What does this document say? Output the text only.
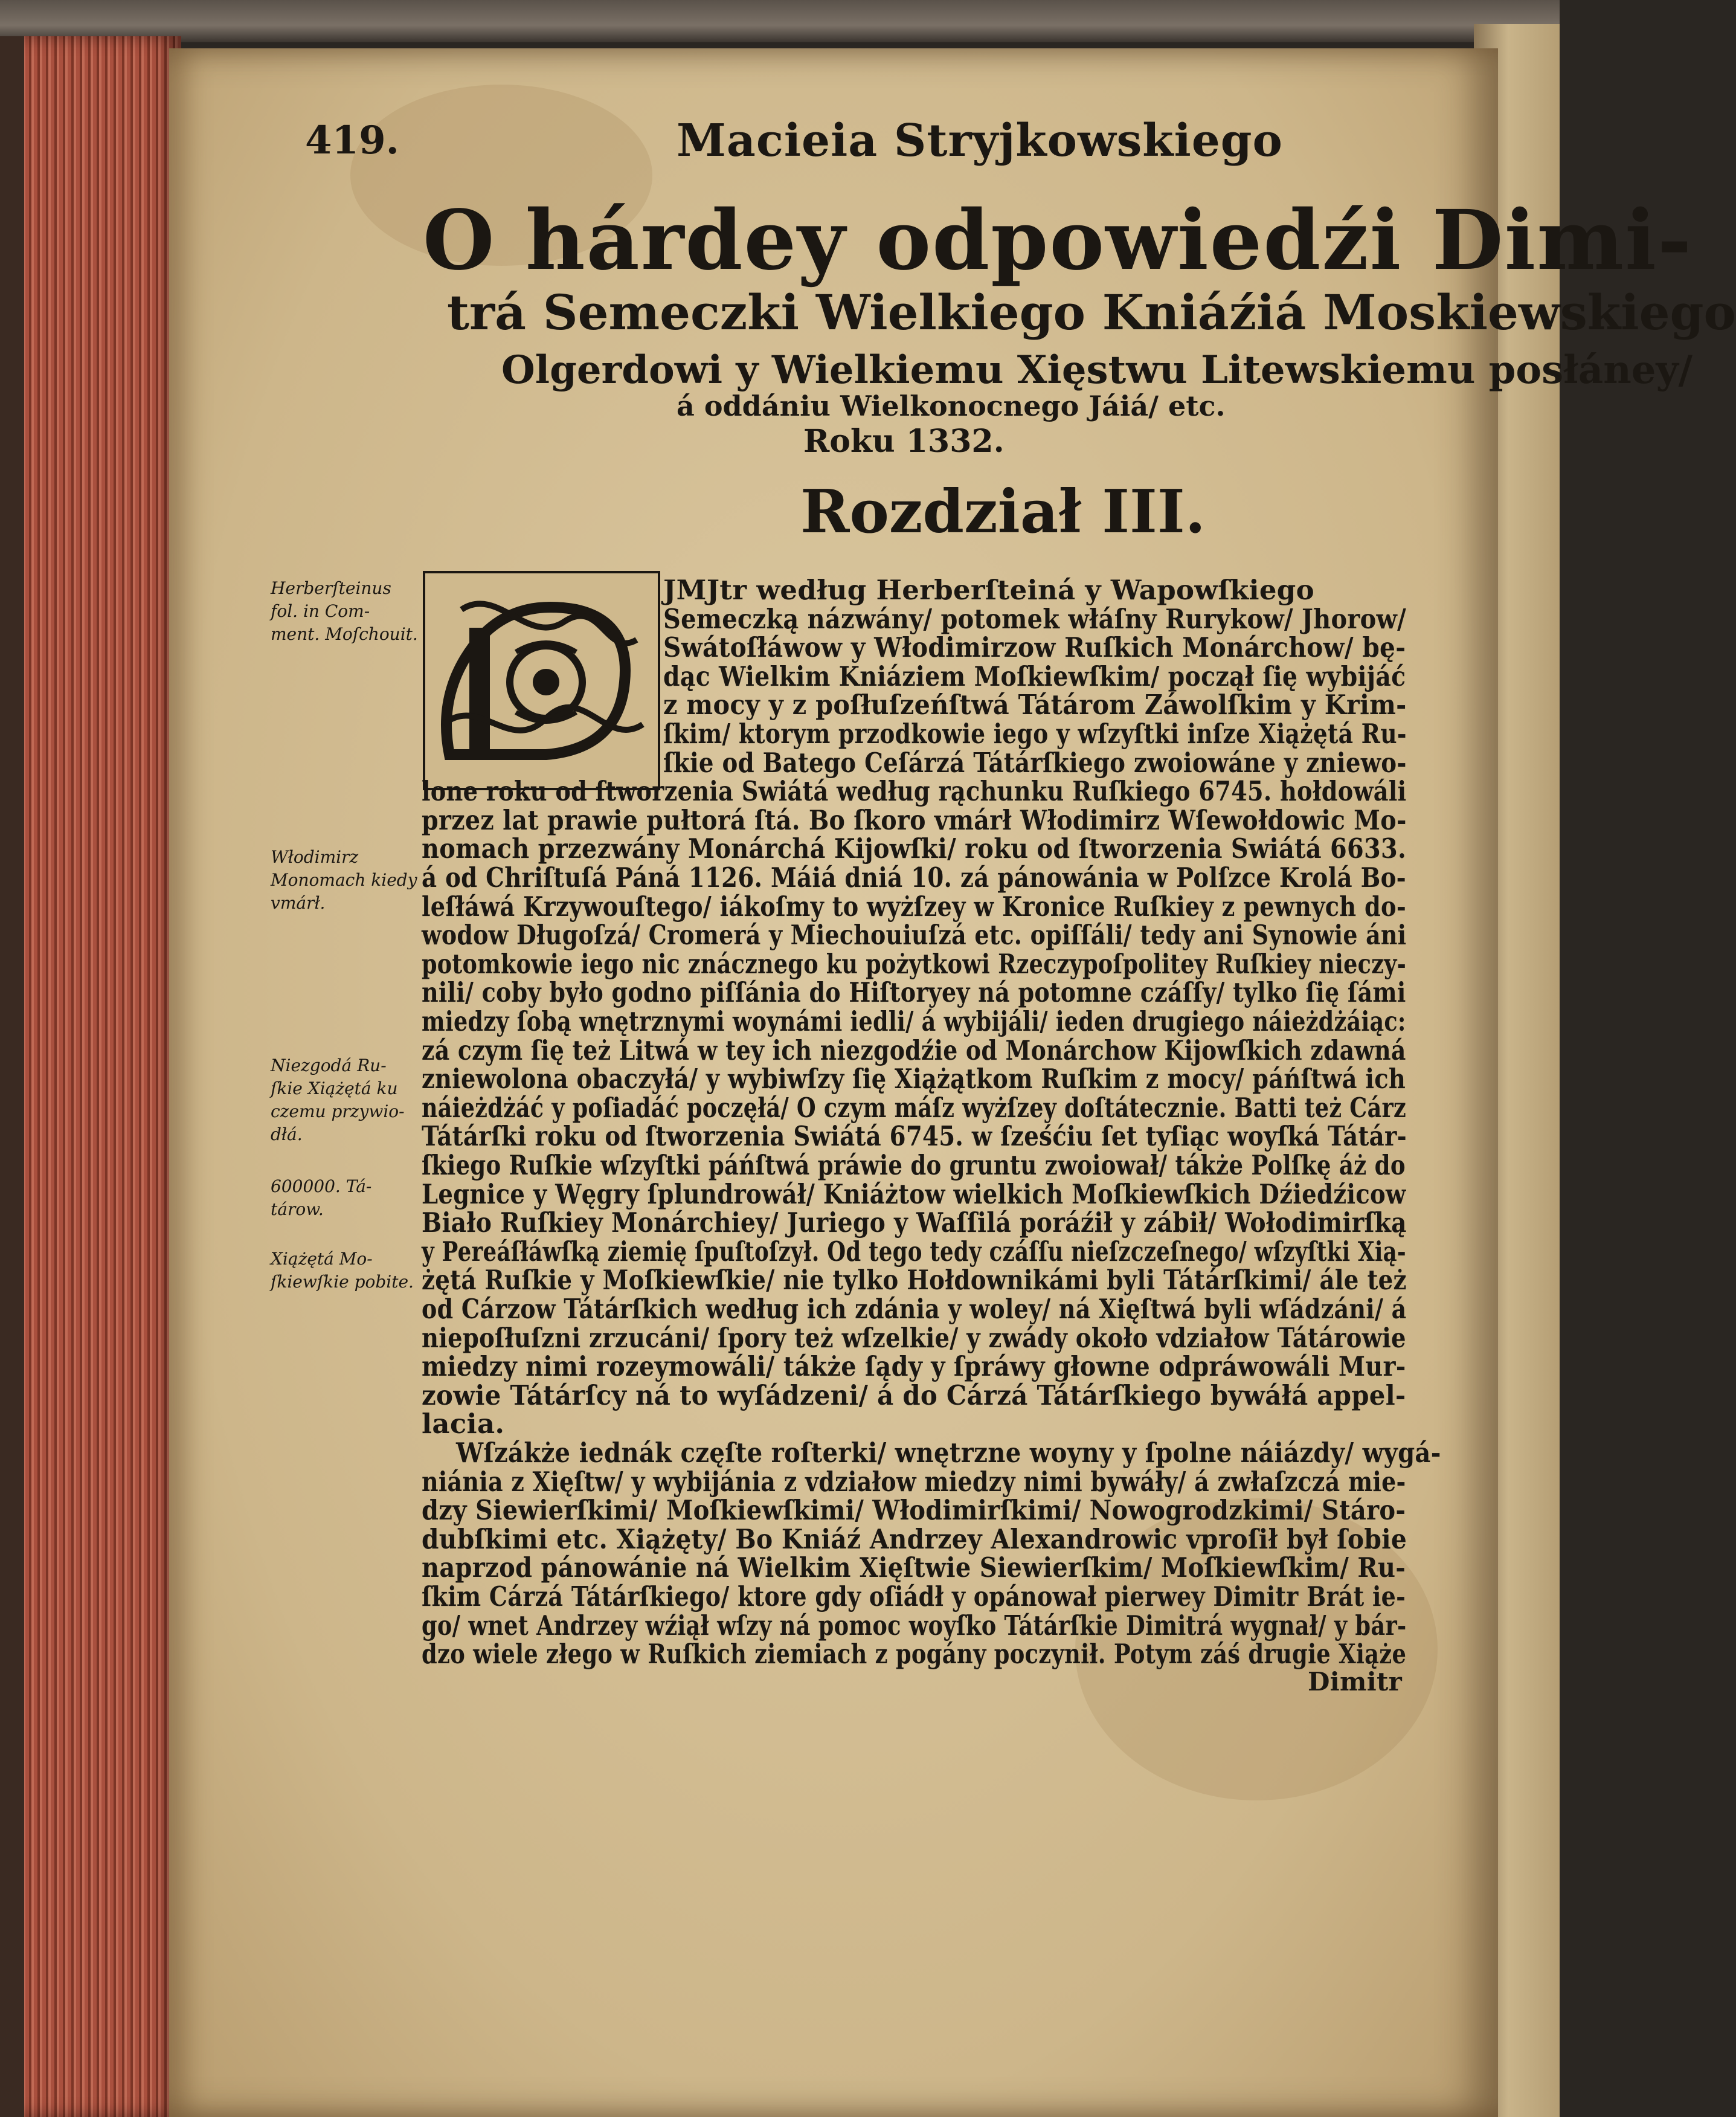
419.	Macieia Stryjkowskiego
O hárdey odpowiedźi Dimi-
trá Semeczki Wielkiego Kniáźiá Moskiewskiego
Olgerdowi y Wielkiemu Xięstwu Litewskiemu posłáney/
á oddániu Wielkonocnego Jáiá/ etc.
Roku 1332.
Rozdział III.
Herberſteinus fol. in Com- ment. Moſchouit.
Włodimirz Monomach kiedy vmárł.
Niezgodá Ru- ſkie Xiążętá ku czemu przywio- dłá.
600000. Tá- tárow.
Xiążętá Mo- ſkiewſkie pobite.
JMJtr według Herberſteiná y Wapowſkiego
Semeczką názwány/ potomek włáſny Rurykow/ Jhorow/
Swátoſłáwow y Włodimirzow Ruſkich Monárchow/ bę-
dąc Wielkim Kniáziem Moſkiewſkim/ począł ſię wybijáć
z mocy y z poſłuſzeńſtwá Tátárom Záwolſkim y Krim-
ſkim/ ktorym przodkowie iego y wſzyſtki inſze Xiążętá Ru-
ſkie od Batego Ceſárzá Tátárſkiego zwoiowáne y zniewo-
lone roku od ſtworzenia Swiátá według rąchunku Ruſkiego 6745. hołdowáli
przez lat prawie pułtorá ſtá. Bo ſkoro vmárł Włodimirz Wſewołdowic Mo-
nomach przezwány Monárchá Kijowſki/ roku od ſtworzenia Swiátá 6633.
á od Chriſtuſá Páná 1126. Máiá dniá 10. zá pánowánia w Polſzce Krolá Bo-
leſłáwá Krzywouſtego/ iákoſmy to wyżſzey w Kronice Ruſkiey z pewnych do-
wodow Długoſzá/ Cromerá y Miechouiuſzá etc. opiſſáli/ tedy ani Synowie áni
potomkowie iego nic znácznego ku pożytkowi Rzeczypoſpolitey Ruſkiey nieczy-
nili/ coby było godno piſſánia do Hiſtoryey ná potomne czáſſy/ tylko ſię ſámi
miedzy ſobą wnętrznymi woynámi iedli/ á wybijáli/ ieden drugiego náieżdżáiąc:
zá czym ſię też Litwá w tey ich niezgodźie od Monárchow Kijowſkich zdawná
zniewolona obaczyłá/ y wybiwſzy ſię Xiążątkom Ruſkim z mocy/ páńſtwá ich
náieżdżáć y poſiadáć poczęłá/ O czym máſz wyżſzey doſtátecznie. Batti też Cárz
Tátárſki roku od ſtworzenia Swiátá 6745. w ſześćiu ſet tyſiąc woyſká Tátár-
ſkiego Ruſkie wſzyſtki páńſtwá práwie do gruntu zwoiował/ tákże Polſkę áż do
Legnice y Węgry ſplundrowáł/ Kniáżtow wielkich Moſkiewſkich Dźiedźicow
Biało Ruſkiey Monárchiey/ Juriego y Waſſilá poráźił y zábił/ Wołodimirſką
y Pereáſłáwſką ziemię ſpuſtoſzył. Od tego tedy czáſſu nieſzczeſnego/ wſzyſtki Xią-
żętá Ruſkie y Moſkiewſkie/ nie tylko Hołdownikámi byli Tátárſkimi/ ále też
od Cárzow Tátárſkich według ich zdánia y woley/ ná Xięſtwá byli wſádzáni/ á
niepoſłuſzni zrzucáni/ ſpory też wſzelkie/ y zwády około vdziałow Tátárowie
miedzy nimi rozeymowáli/ tákże ſądy y ſpráwy głowne odpráwowáli Mur-
zowie Tátárſcy ná to wyſádzeni/ á do Cárzá Tátárſkiego bywáłá appel-
lacia.
Wſzákże iednák częſte roſterki/ wnętrzne woyny y ſpolne náiázdy/ wygá-
niánia z Xięſtw/ y wybijánia z vdziałow miedzy nimi bywáły/ á zwłaſzczá mie-
dzy Siewierſkimi/ Moſkiewſkimi/ Włodimirſkimi/ Nowogrodzkimi/ Stáro-
dubſkimi etc. Xiążęty/ Bo Kniáź Andrzey Alexandrowic vproſił był ſobie
naprzod pánowánie ná Wielkim Xięſtwie Siewierſkim/ Moſkiewſkim/ Ru-
ſkim Cárzá Tátárſkiego/ ktore gdy oſiádł y opánował pierwey Dimitr Brát ie-
go/ wnet Andrzey wźiął wſzy ná pomoc woyſko Tátárſkie Dimitrá wygnał/ y bár-
dzo wiele złego w Ruſkich ziemiach z pogány poczynił. Potym záś drugie Xiąże
Dimitr
